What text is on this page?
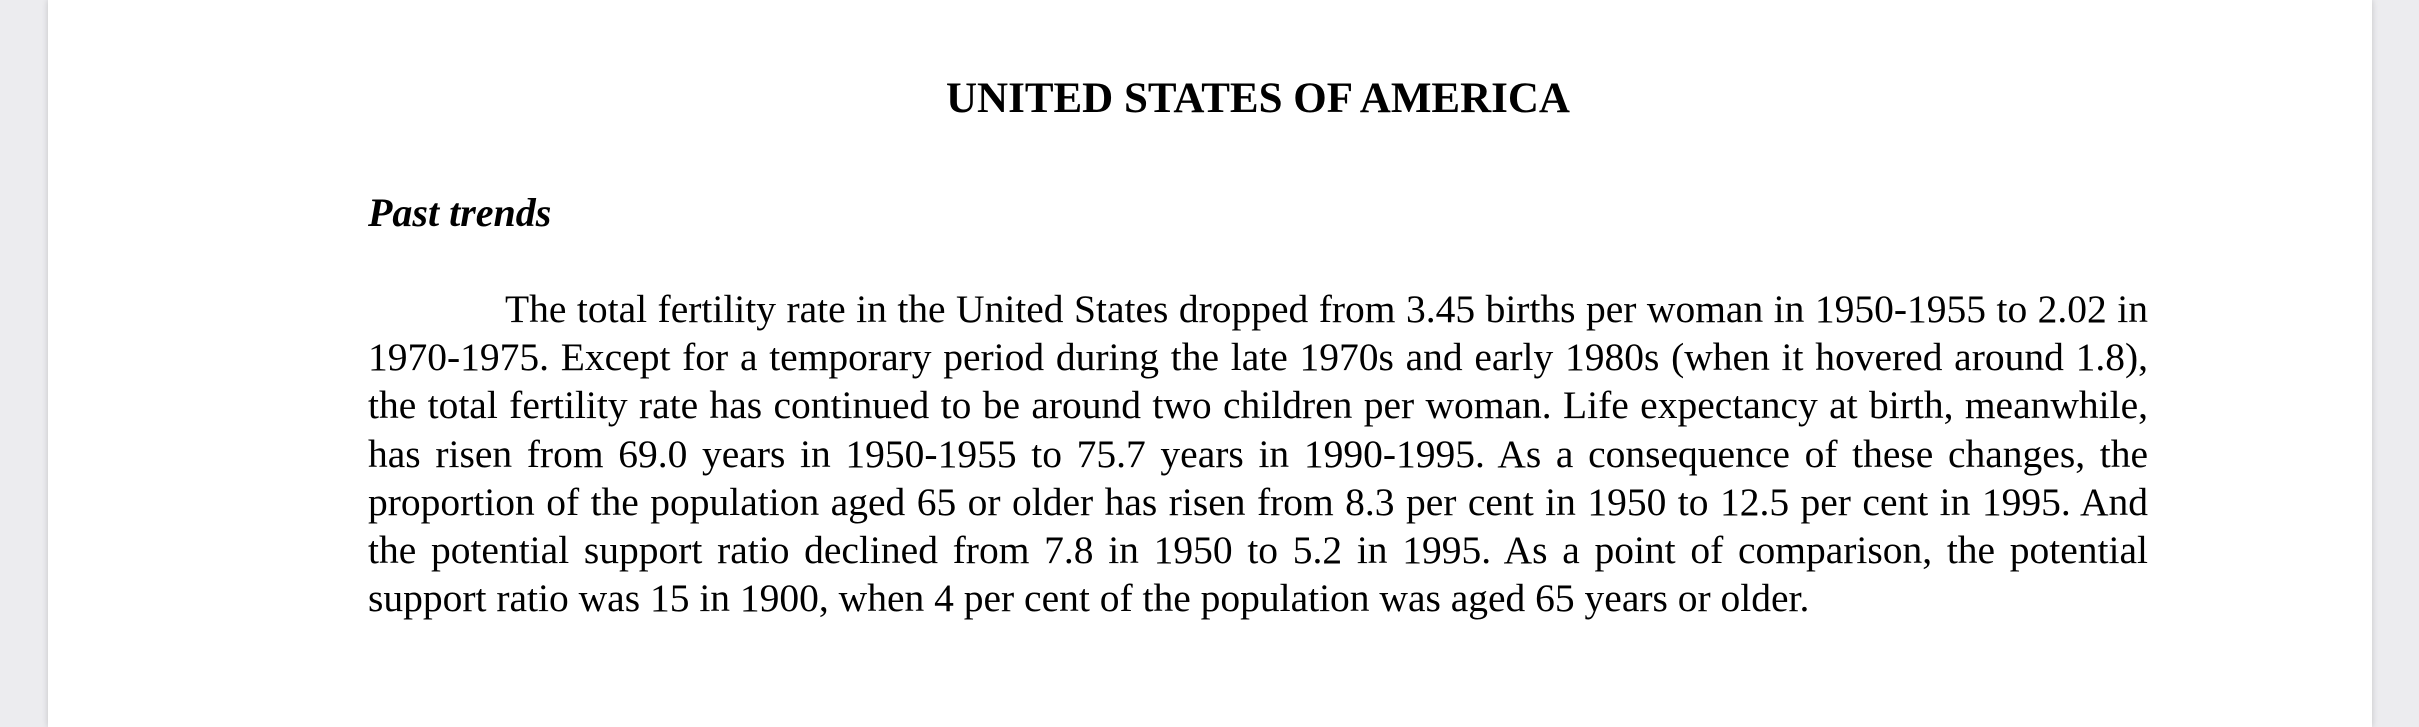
UNITED STATES OF AMERICA
Past trends

The total fertility rate in the United States dropped from 3.45 births per woman in 1950-1955 to 2.02 in 1970-1975. Except for a temporary period during the late 1970s and early 1980s (when it hovered around 1.8), the total fertility rate has continued to be around two children per woman. Life expectancy at birth, meanwhile, has risen from 69.0 years in 1950-1955 to 75.7 years in 1990-1995. As a consequence of these changes, the proportion of the population aged 65 or older has risen from 8.3 per cent in 1950 to 12.5 per cent in 1995. And the potential support ratio declined from 7.8 in 1950 to 5.2 in 1995. As a point of comparison, the potential support ratio was 15 in 1900, when 4 per cent of the population was aged 65 years or older.
